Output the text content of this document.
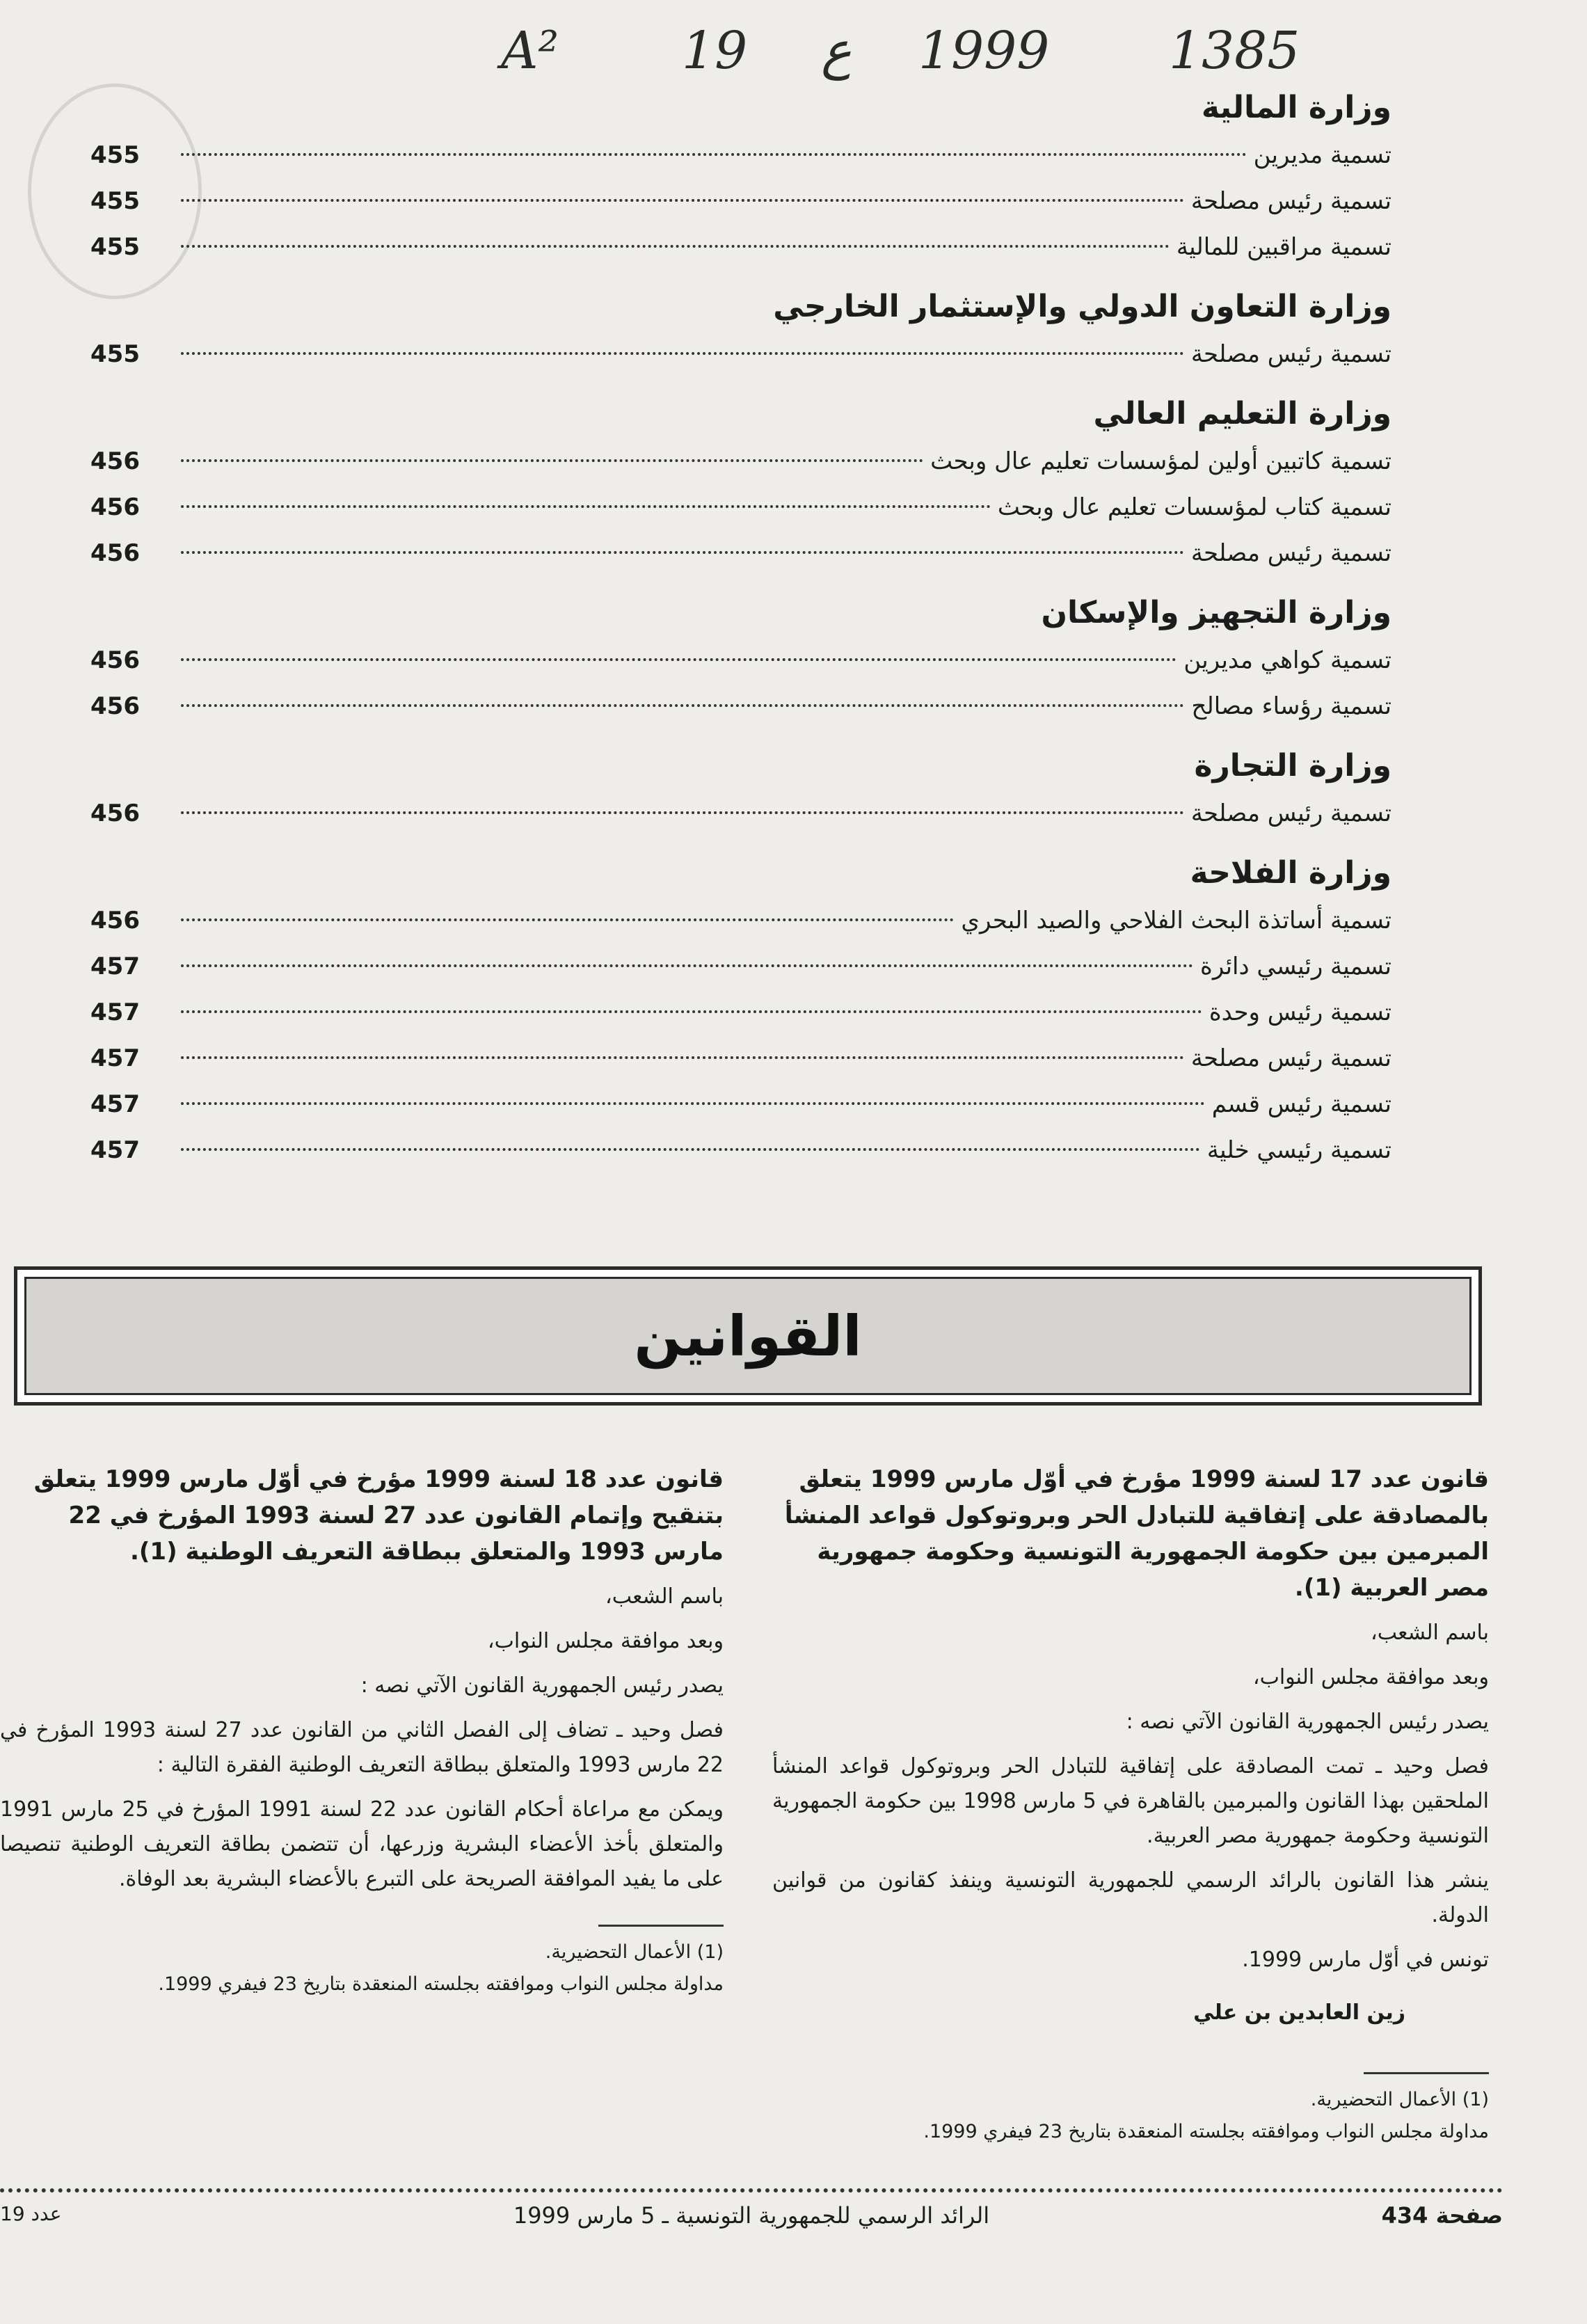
A² 19 ع 1999 1385
وزارة المالية
تسمية مديرين
455
تسمية رئيس مصلحة
455
تسمية مراقبين للمالية
455
وزارة التعاون الدولي والإستثمار الخارجي
تسمية رئيس مصلحة
455
وزارة التعليم العالي
تسمية كاتبين أولين لمؤسسات تعليم عال وبحث
456
تسمية كتاب لمؤسسات تعليم عال وبحث
456
تسمية رئيس مصلحة
456
وزارة التجهيز والإسكان
تسمية كواهي مديرين
456
تسمية رؤساء مصالح
456
وزارة التجارة
تسمية رئيس مصلحة
456
وزارة الفلاحة
تسمية أساتذة البحث الفلاحي والصيد البحري
456
تسمية رئيسي دائرة
457
تسمية رئيس وحدة
457
تسمية رئيس مصلحة
457
تسمية رئيس قسم
457
تسمية رئيسي خلية
457
القوانين
قانون عدد 17 لسنة 1999 مؤرخ في أوّل مارس 1999 يتعلق بالمصادقة على إتفاقية للتبادل الحر وبروتوكول قواعد المنشأ المبرمين بين حكومة الجمهورية التونسية وحكومة جمهورية مصر العربية (1).

باسم الشعب،

وبعد موافقة مجلس النواب،

يصدر رئيس الجمهورية القانون الآتي نصه :

فصل وحيد ـ تمت المصادقة على إتفاقية للتبادل الحر وبروتوكول قواعد المنشأ الملحقين بهذا القانون والمبرمين بالقاهرة في 5 مارس 1998 بين حكومة الجمهورية التونسية وحكومة جمهورية مصر العربية.

ينشر هذا القانون بالرائد الرسمي للجمهورية التونسية وينفذ كقانون من قوانين الدولة.

تونس في أوّل مارس 1999.

زين العابدين بن علي

(1) الأعمال التحضيرية.

مداولة مجلس النواب وموافقته بجلسته المنعقدة بتاريخ 23 فيفري 1999.

قانون عدد 18 لسنة 1999 مؤرخ في أوّل مارس 1999 يتعلق بتنقيح وإتمام القانون عدد 27 لسنة 1993 المؤرخ في 22 مارس 1993 والمتعلق ببطاقة التعريف الوطنية (1).

باسم الشعب،

وبعد موافقة مجلس النواب،

يصدر رئيس الجمهورية القانون الآتي نصه :

فصل وحيد ـ تضاف إلى الفصل الثاني من القانون عدد 27 لسنة 1993 المؤرخ في 22 مارس 1993 والمتعلق ببطاقة التعريف الوطنية الفقرة التالية :

ويمكن مع مراعاة أحكام القانون عدد 22 لسنة 1991 المؤرخ في 25 مارس 1991 والمتعلق بأخذ الأعضاء البشرية وزرعها، أن تتضمن بطاقة التعريف الوطنية تنصيصا على ما يفيد الموافقة الصريحة على التبرع بالأعضاء البشرية بعد الوفاة.

(1) الأعمال التحضيرية.

مداولة مجلس النواب وموافقته بجلسته المنعقدة بتاريخ 23 فيفري 1999.

صفحة 434
الرائد الرسمي للجمهورية التونسية ـ 5 مارس 1999
عدد 19
